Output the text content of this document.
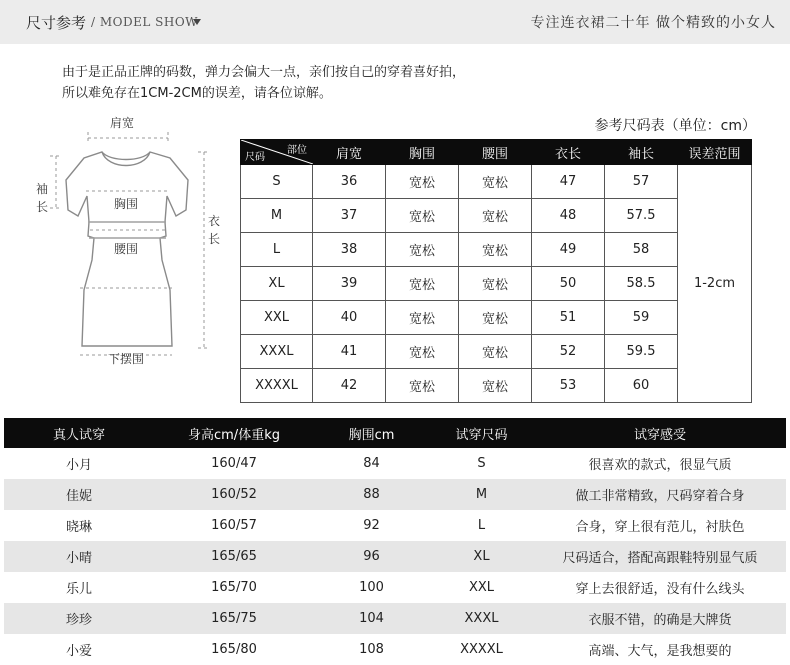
尺寸参考 / MODEL SHOW	专注连衣裙二十年 做个精致的小女人
由于是正品正牌的码数，弹力会偏大一点，亲们按自己的穿着喜好拍，
所以难免存在1CM-2CM的误差，请各位谅解。
肩宽
胸围
腰围
下摆围
袖
长
衣
长
参考尺码表（单位：cm）
部位
尺码	肩宽	胸围	腰围	衣长	袖长	误差范围
S	36	宽松	宽松	47	57	1-2cm
M	37	宽松	宽松	48	57.5	
L	38	宽松	宽松	49	58	
XL	39	宽松	宽松	50	58.5	
XXL	40	宽松	宽松	51	59	
XXXL	41	宽松	宽松	52	59.5	
XXXXL	42	宽松	宽松	53	60	
真人试穿	身高cm/体重kg	胸围cm	试穿尺码	试穿感受
小月	160/47	84	S	很喜欢的款式，很显气质
佳妮	160/52	88	M	做工非常精致，尺码穿着合身
晓琳	160/57	92	L	合身，穿上很有范儿，衬肤色
小晴	165/65	96	XL	尺码适合，搭配高跟鞋特别显气质
乐儿	165/70	100	XXL	穿上去很舒适，没有什么线头
珍珍	165/75	104	XXXL	衣服不错，的确是大牌货
小爱	165/80	108	XXXXL	高端、大气，是我想要的
